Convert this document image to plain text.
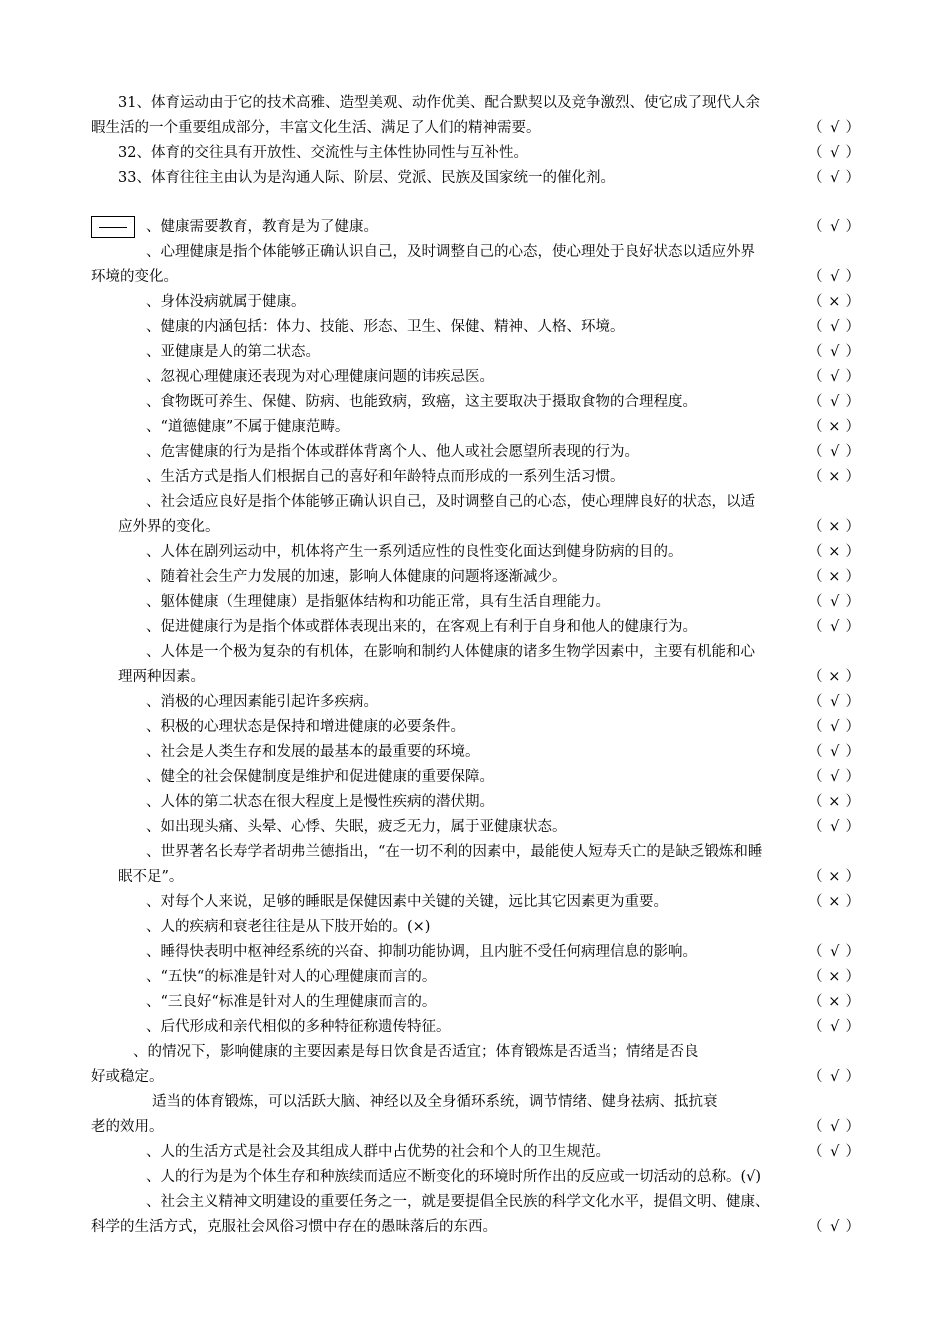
31、体育运动由于它的技术高雅、造型美观、动作优美、配合默契以及竞争激烈、使它成了现代人余
暇生活的一个重要组成部分，丰富文化生活、满足了人们的精神需要。	（ √ ）
32、体育的交往具有开放性、交流性与主体性协同性与互补性。	（ √ ）
33、体育往往主由认为是沟通人际、阶层、党派、民族及国家统一的催化剂。	（ √ ）
、健康需要教育，教育是为了健康。	（ √ ）
、心理健康是指个体能够正确认识自己，及时调整自己的心态，使心理处于良好状态以适应外界
环境的变化。	（ √ ）
、身体没病就属于健康。	（ × ）
、健康的内涵包括：体力、技能、形态、卫生、保健、精神、人格、环境。	（ √ ）
、亚健康是人的第二状态。	（ √ ）
、忽视心理健康还表现为对心理健康问题的讳疾忌医。	（ √ ）
、食物既可养生、保健、防病、也能致病，致癌，这主要取决于摄取食物的合理程度。	（ √ ）
、“道德健康”不属于健康范畴。	（ × ）
、危害健康的行为是指个体或群体背离个人、他人或社会愿望所表现的行为。	（ √ ）
、生活方式是指人们根据自己的喜好和年龄特点而形成的一系列生活习惯。	（ × ）
、社会适应良好是指个体能够正确认识自己，及时调整自己的心态，使心理牌良好的状态，以适
应外界的变化。	（ × ）
、人体在剧列运动中，机体将产生一系列适应性的良性变化面达到健身防病的目的。	（ × ）
、随着社会生产力发展的加速，影响人体健康的问题将逐渐减少。	（ × ）
、躯体健康（生理健康）是指躯体结构和功能正常，具有生活自理能力。	（ √ ）
、促进健康行为是指个体或群体表现出来的，在客观上有利于自身和他人的健康行为。	（ √ ）
、人体是一个极为复杂的有机体，在影响和制约人体健康的诸多生物学因素中，主要有机能和心
理两种因素。	（ × ）
、消极的心理因素能引起许多疾病。	（ √ ）
、积极的心理状态是保持和增进健康的必要条件。	（ √ ）
、社会是人类生存和发展的最基本的最重要的环境。	（ √ ）
、健全的社会保健制度是维护和促进健康的重要保障。	（ √ ）
、人体的第二状态在很大程度上是慢性疾病的潜伏期。	（ × ）
、如出现头痛、头晕、心悸、失眠，疲乏无力，属于亚健康状态。	（ √ ）
、世界著名长寿学者胡弗兰德指出，“在一切不利的因素中，最能使人短寿夭亡的是缺乏锻炼和睡
眠不足”。	（ × ）
、对每个人来说，足够的睡眠是保健因素中关键的关键，远比其它因素更为重要。	（ × ）
、人的疾病和衰老往往是从下肢开始的。(×)
、睡得快表明中枢神经系统的兴奋、抑制功能协调，且内脏不受任何病理信息的影响。	（ √ ）
、“五快“的标准是针对人的心理健康而言的。	（ × ）
、“三良好“标准是针对人的生理健康而言的。	（ × ）
、后代形成和亲代相似的多种特征称遗传特征。	（ √ ）
、的情况下，影响健康的主要因素是每日饮食是否适宜；体育锻炼是否适当；情绪是否良
好或稳定。	（ √ ）
适当的体育锻炼，可以活跃大脑、神经以及全身循环系统，调节情绪、健身祛病、抵抗衰
老的效用。	（ √ ）
、人的生活方式是社会及其组成人群中占优势的社会和个人的卫生规范。	（ √ ）
、人的行为是为个体生存和种族续而适应不断变化的环境时所作出的反应或一切活动的总称。(√)
、社会主义精神文明建设的重要任务之一，就是要提倡全民族的科学文化水平，提倡文明、健康、
科学的生活方式，克服社会风俗习惯中存在的愚昧落后的东西。	（ √ ）
